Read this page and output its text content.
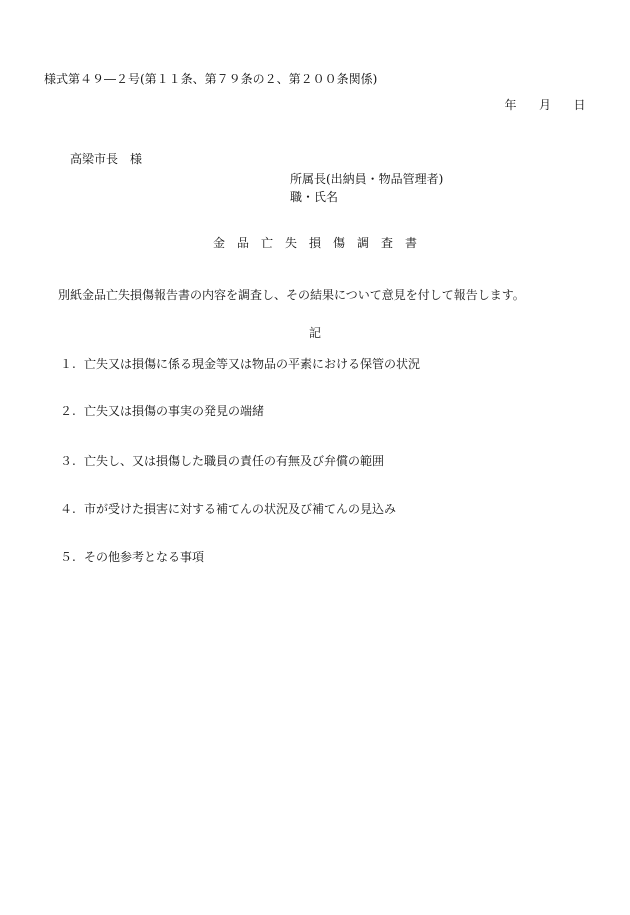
様式第４９―２号(第１１条、第７９条の２、第２００条関係)
年 月 日
高梁市長　様
所属長(出納員・物品管理者)
職・氏名
金品亡失損傷調査書
別紙金品亡失損傷報告書の内容を調査し、その結果について意見を付して報告します。
記
１. 亡失又は損傷に係る現金等又は物品の平素における保管の状況
２. 亡失又は損傷の事実の発見の端緒
３. 亡失し、又は損傷した職員の責任の有無及び弁償の範囲
４. 市が受けた損害に対する補てんの状況及び補てんの見込み
５. その他参考となる事項
